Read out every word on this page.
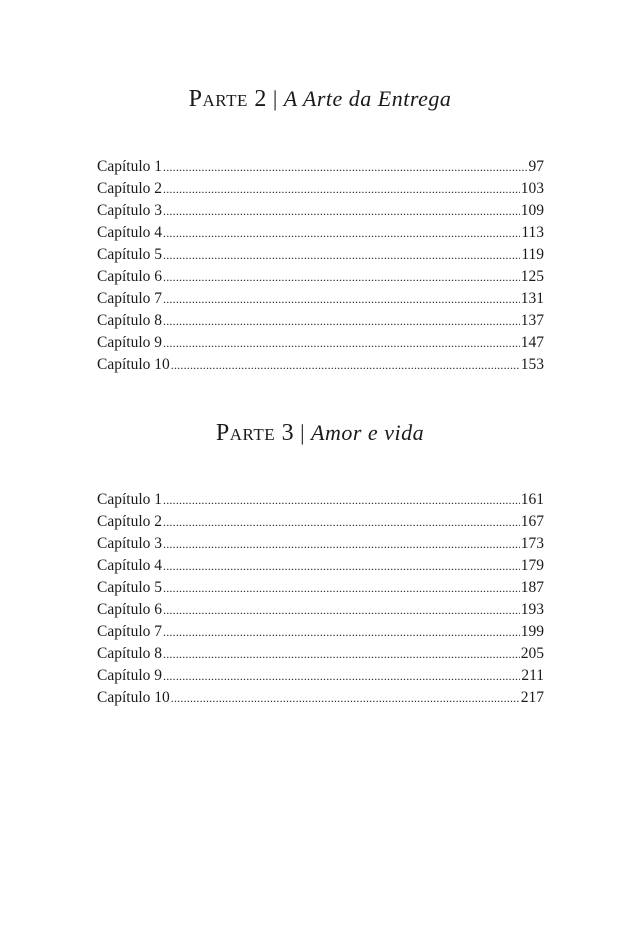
Parte 2 | A Arte da Entrega
Capítulo 1 .....	97
Capítulo 2 .....	103
Capítulo 3 .....	109
Capítulo 4 .....	113
Capítulo 5 .....	119
Capítulo 6 .....	125
Capítulo 7 .....	131
Capítulo 8 .....	137
Capítulo 9 .....	147
Capítulo 10 .....	153
Parte 3 | Amor e vida
Capítulo 1 .....	161
Capítulo 2 .....	167
Capítulo 3 .....	173
Capítulo 4 .....	179
Capítulo 5 .....	187
Capítulo 6 .....	193
Capítulo 7 .....	199
Capítulo 8 .....	205
Capítulo 9 .....	211
Capítulo 10 .....	217
